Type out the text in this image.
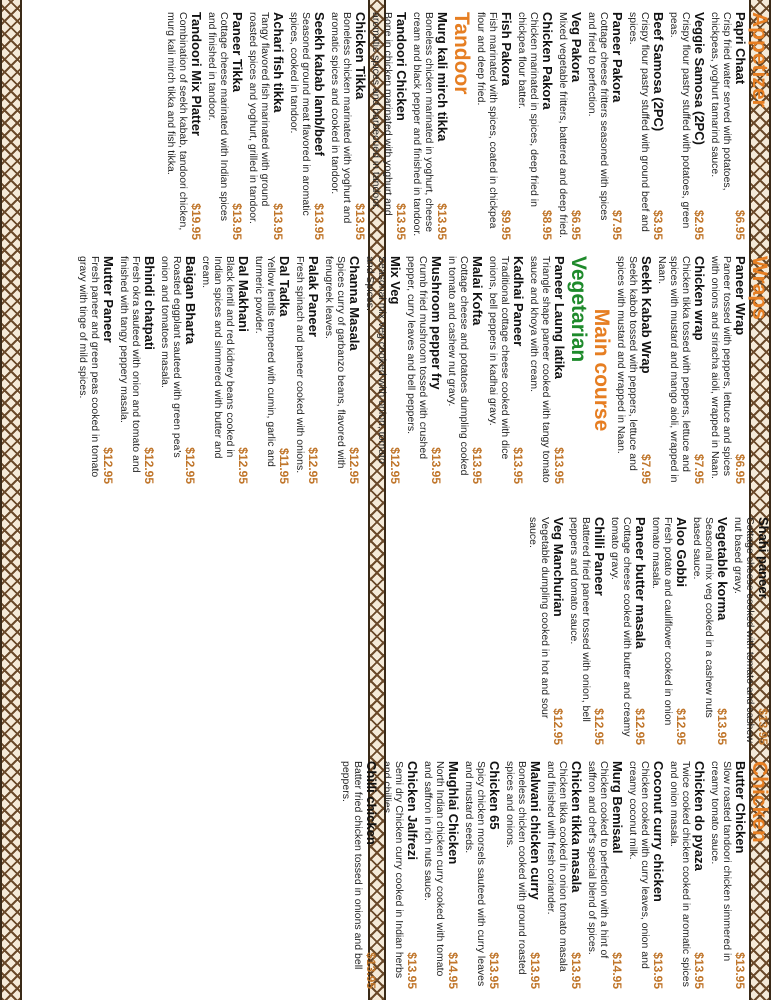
Appetizer
Papri Chaat
$6.95
Crisp fried water served with potatoes, chickpeas, yoghurt tamarind sauce.
Veggie Samosa (2PC)
$2.95
Crispy flour pastry stuffed with potatoes, green peas.
Beef Samosa (2PC)
$3.95
Crispy flour pastry stuffed with ground beef and spices.
Paneer Pakora
$7.95
Cottage cheese fritters seasoned with spices and fried to perfection.
Veg Pakora
$6.95
Mixed vegetable fritters, battered and deep fried.
Chicken Pakora
$8.95
Chicken marinated in spices, deep fried in chickpea flour batter.
Fish Pakora
$9.95
Fish marinated with spices, coated in chickpea flour and deep fried.
Tandoor
Murg kali mirch tikka
$13.95
Boneless chicken marinated in yoghurt, cheese cream and black pepper and finished in tandoor.
Tandoori Chicken
$13.95
Bone in chicken marinated with yoghurt and aromatic spices and barbecued in tandoor.
Chicken Tikka
$13.95
Boneless chicken marinated with yoghurt and aromatic spices and cooked in tandoor.
Seekh kabab lamb/beef
$13.95
Seasoned ground meat flavored in aromatic spices, cooked in tandoor.
Achari fish tikka
$13.95
Tangy flavored fish marinated with ground roasted spices and yoghurt, grilled in tandoor.
Paneer Tikka
$13.95
Cottage cheese marinated with Indian spices and finished in tandoor.
Tandoori Mix Platter
$19.95
Combination of seekh kabab, tandoori chicken, murg kali mirch tikka and fish tikka.
Wraps
Paneer Wrap
$6.95
Paneer tossed with peppers, lettuce and spices with onions and sriracha aioli, wrapped in Naan.
Chicken wrap
$7.95
Chicken tikka tossed with peppers, lettuce and spices with mustard and mango aioli, wrapped in Naan.
Seekh Kabab Wrap
$7.95
Seekh kabob tossed with peppers, lettuce and spices with mustard and wrapped in Naan.
Main course
Vegetarian
Paneer Laung latika
$13.95
Triangle shape paneer cooked with tangy tomato sauce and khoya with cream.
Kadhai Paneer
$13.95
Traditional cottage cheese cooked with dice onions, bell peppers in kadhai gravy.
Malai Kofta
$13.95
Cottage cheese and potatoes dumpling cooked in tomato and cashew nut gravy.
Mushroom pepper fry
$13.95
Crumb fried mushroom tossed with crushed pepper, curry leaves and bell peppers.
Mix Veg
$12.95
Seasonal mix veg cooked with onion, tomato and Spices.
Channa Masala
$12.95
Spices curry of garbanzo beans, flavored with fenugreek leaves.
Palak Paneer
$12.95
Fresh spinach and paneer cooked with onions.
Dal Tadka
$11.95
Yellow lentils tempered with cumin, garlic and turmeric powder.
Dal Makhani
$12.95
Black lentil and red kidney beans cooked in Indian spices and simmered with butter and cream.
Baigan Bharta
$12.95
Roasted eggplant sauteed with green pea's onion and tomatoes masala.
Bhindi chatpati
$12.95
Fresh okra sauteed with onion and tomato and finished with tangy peppery masala.
Mutter Paneer
$12.95
Fresh paneer and green peas cooked in tomato gravy with tinge of mild spices.
Shahi paneer
$13.95
Cottage cheese cooked with tomato and cashew nut based gravy.
Vegetable korma
$13.95
Seasonal mix veg cooked in a cashew nuts based sauce.
Aloo Gobbi
$12.95
Fresh potato and cauliflower cooked in onion tomato masala.
Paneer butter masala
$12.95
Cottage cheese cooked with butter and creamy tomato gravy.
Chilli Paneer
$12.95
Battered fried paneer tossed with onion, bell peppers and tomato sauce.
Veg Manchurian
$12.95
Vegetable dumpling cooked in hot and sour sauce.
Chicken
Butter Chicken
$13.95
Slow roasted tandoori chicken simmered in creamy tomato sauce.
Chicken do pyaza
$13.95
Twice cooked chicken cooked in aromatic spices and onion masala.
Coconut curry chicken
$13.95
Chicken cooked with curry leaves, onion and creamy coconut milk.
Murg Bemisaal
$14.95
Chicken cooked to perfection with a hint of saffron and chef's special blend of spices.
Chicken tikka masala
$13.95
Chicken tikka cooked in onion tomato masala and finished with fresh coriander.
Malwani chicken curry
$13.95
Boneless chicken cooked with ground roasted spices and onions.
Chicken 65
$13.95
Spicy chicken morsels sauteed with curry leaves and mustard seeds.
Mughlai Chicken
$14.95
North Indian chicken curry cooked with tomato and saffron in rich nuts sauce.
Chicken Jalfrezi
$13.95
Semi dry Chicken curry cooked in Indian herbs and chillies.
Chilli chicken
$13.95
Batter fried chicken tossed in onions and bell peppers.
